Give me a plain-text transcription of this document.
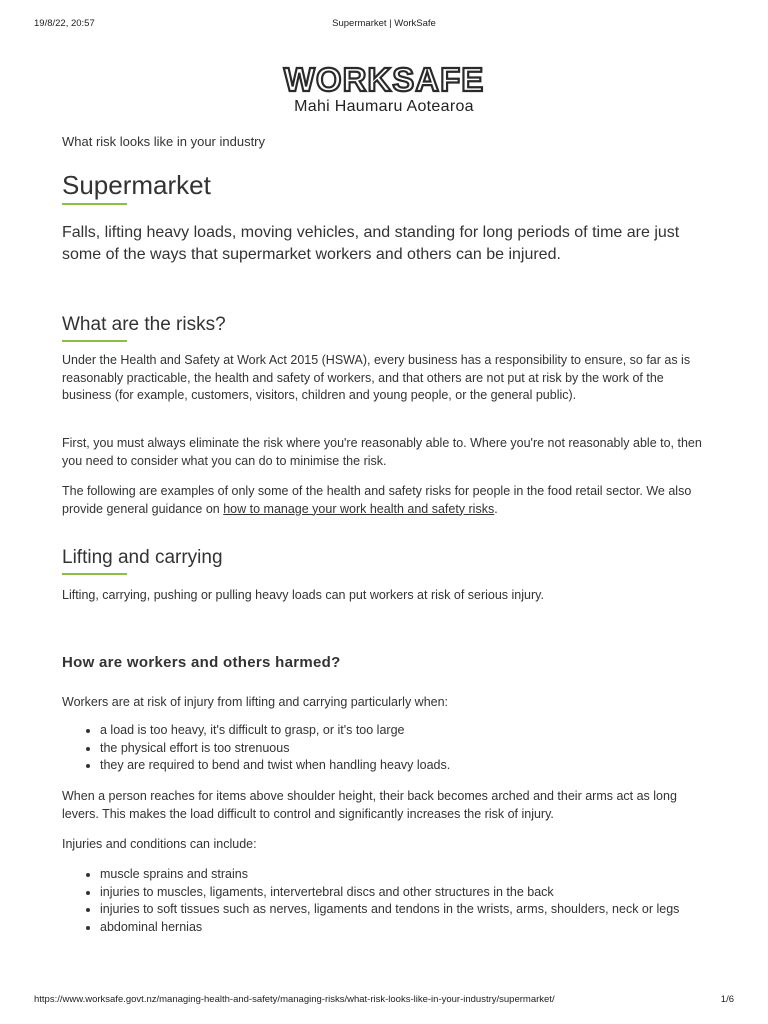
19/8/22, 20:57	Supermarket | WorkSafe
WORKSAFE
Mahi Haumaru Aotearoa
What risk looks like in your industry
Supermarket
Falls, lifting heavy loads, moving vehicles, and standing for long periods of time are just some of the ways that supermarket workers and others can be injured.
What are the risks?

Under the Health and Safety at Work Act 2015 (HSWA), every business has a responsibility to ensure, so far as is reasonably practicable, the health and safety of workers, and that others are not put at risk by the work of the business (for example, customers, visitors, children and young people, or the general public).

First, you must always eliminate the risk where you're reasonably able to. Where you're not reasonably able to, then you need to consider what you can do to minimise the risk.

The following are examples of only some of the health and safety risks for people in the food retail sector. We also provide general guidance on how to manage your work health and safety risks.

Lifting and carrying

Lifting, carrying, pushing or pulling heavy loads can put workers at risk of serious injury.

How are workers and others harmed?

Workers are at risk of injury from lifting and carrying particularly when:

• a load is too heavy, it's difficult to grasp, or it's too large
• the physical effort is too strenuous
• they are required to bend and twist when handling heavy loads.

When a person reaches for items above shoulder height, their back becomes arched and their arms act as long levers. This makes the load difficult to control and significantly increases the risk of injury.

Injuries and conditions can include:

• muscle sprains and strains
• injuries to muscles, ligaments, intervertebral discs and other structures in the back
• injuries to soft tissues such as nerves, ligaments and tendons in the wrists, arms, shoulders, neck or legs
• abdominal hernias
https://www.worksafe.govt.nz/managing-health-and-safety/managing-risks/what-risk-looks-like-in-your-industry/supermarket/	1/6
